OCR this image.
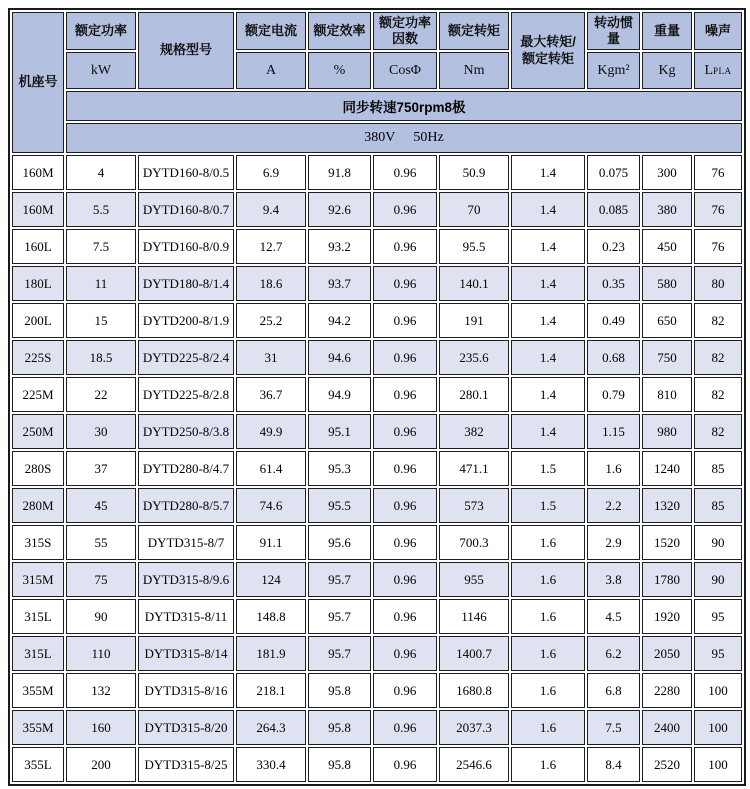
机座号	额定功率	规格型号	额定电流	额定效率	额定功率因数	额定转矩	最大转矩/额定转矩	转动惯量	重量	噪声
	kW		A	%	CosΦ	Nm		Kgm²	Kg	LPLA
	同步转速750rpm8极									
	380V 50Hz									
160M	4	DYTD160-8/0.5	6.9	91.8	0.96	50.9	1.4	0.075	300	76
160M	5.5	DYTD160-8/0.7	9.4	92.6	0.96	70	1.4	0.085	380	76
160L	7.5	DYTD160-8/0.9	12.7	93.2	0.96	95.5	1.4	0.23	450	76
180L	11	DYTD180-8/1.4	18.6	93.7	0.96	140.1	1.4	0.35	580	80
200L	15	DYTD200-8/1.9	25.2	94.2	0.96	191	1.4	0.49	650	82
225S	18.5	DYTD225-8/2.4	31	94.6	0.96	235.6	1.4	0.68	750	82
225M	22	DYTD225-8/2.8	36.7	94.9	0.96	280.1	1.4	0.79	810	82
250M	30	DYTD250-8/3.8	49.9	95.1	0.96	382	1.4	1.15	980	82
280S	37	DYTD280-8/4.7	61.4	95.3	0.96	471.1	1.5	1.6	1240	85
280M	45	DYTD280-8/5.7	74.6	95.5	0.96	573	1.5	2.2	1320	85
315S	55	DYTD315-8/7	91.1	95.6	0.96	700.3	1.6	2.9	1520	90
315M	75	DYTD315-8/9.6	124	95.7	0.96	955	1.6	3.8	1780	90
315L	90	DYTD315-8/11	148.8	95.7	0.96	1146	1.6	4.5	1920	95
315L	110	DYTD315-8/14	181.9	95.7	0.96	1400.7	1.6	6.2	2050	95
355M	132	DYTD315-8/16	218.1	95.8	0.96	1680.8	1.6	6.8	2280	100
355M	160	DYTD315-8/20	264.3	95.8	0.96	2037.3	1.6	7.5	2400	100
355L	200	DYTD315-8/25	330.4	95.8	0.96	2546.6	1.6	8.4	2520	100
